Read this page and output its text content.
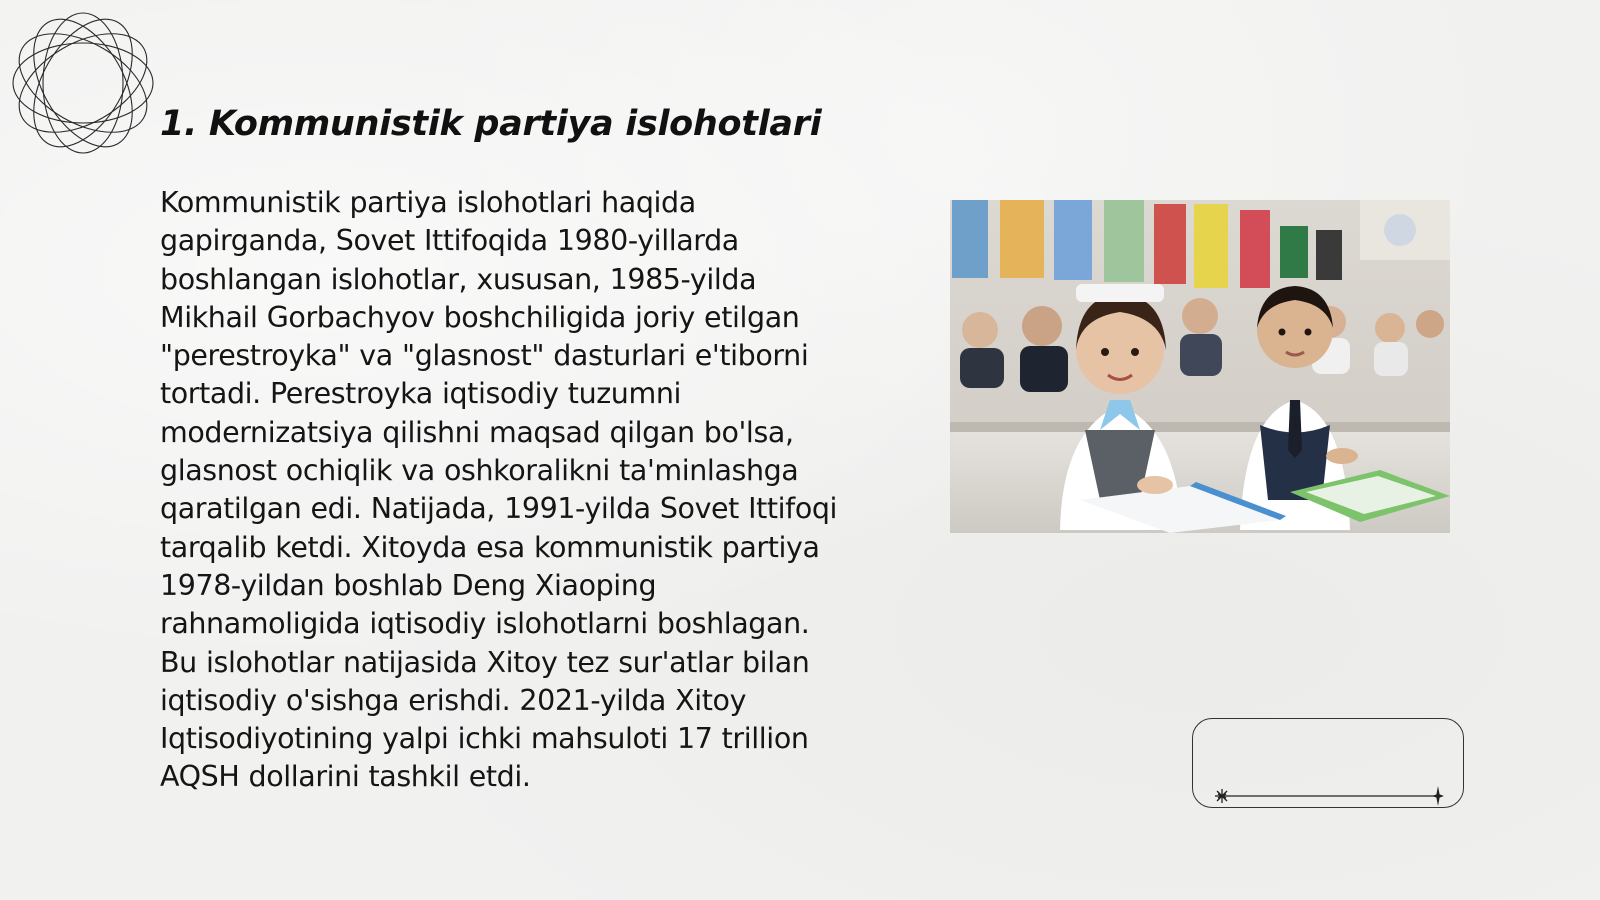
1. Kommunistik partiya islohotlari

Kommunistik partiya islohotlari haqida gapirganda, Sovet Ittifoqida 1980-yillarda boshlangan islohotlar, xususan, 1985-yilda Mikhail Gorbachyov boshchiligida joriy etilgan "perestroyka" va "glasnost" dasturlari e'tiborni tortadi. Perestroyka iqtisodiy tuzumni modernizatsiya qilishni maqsad qilgan bo'lsa, glasnost ochiqlik va oshkoralikni ta'minlashga qaratilgan edi. Natijada, 1991-yilda Sovet Ittifoqi tarqalib ketdi. Xitoyda esa kommunistik partiya 1978-yildan boshlab Deng Xiaoping rahnamoligida iqtisodiy islohotlarni boshlagan. Bu islohotlar natijasida Xitoy tez sur'atlar bilan iqtisodiy o'sishga erishdi. 2021-yilda Xitoy Iqtisodiyotining yalpi ichki mahsuloti 17 trillion AQSH dollarini tashkil etdi.
